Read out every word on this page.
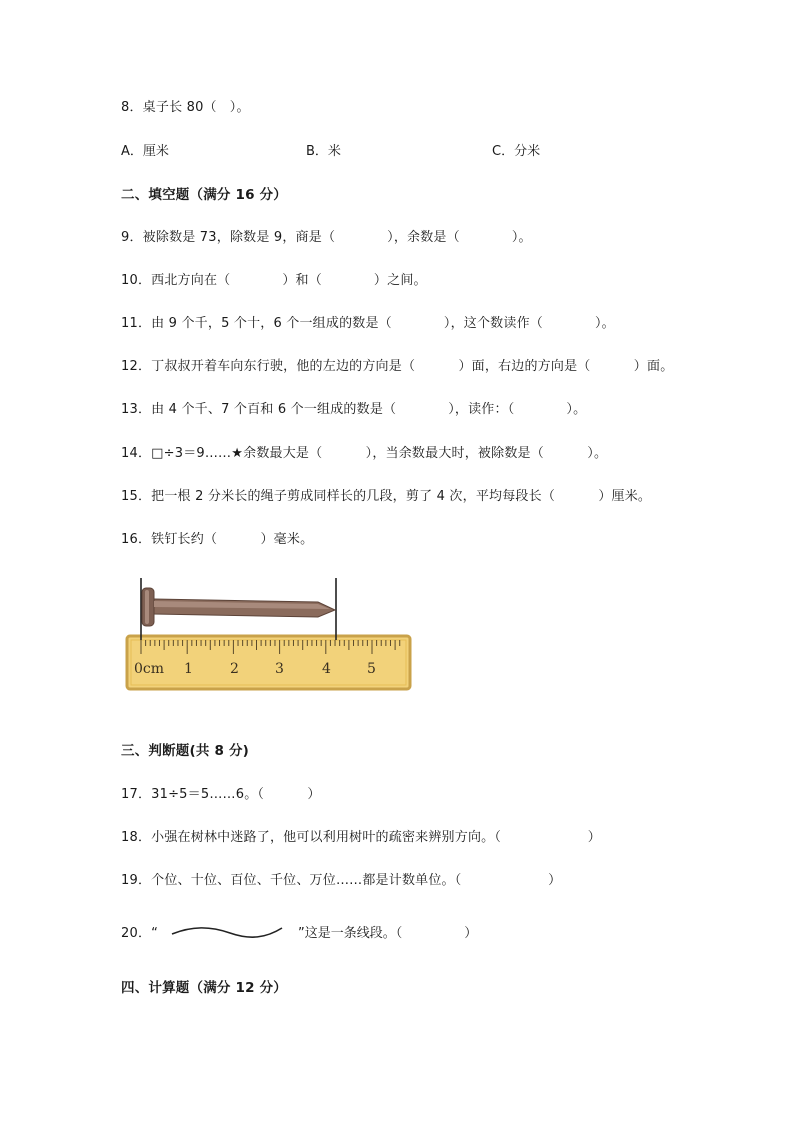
8．桌子长 80（   ）。
A．厘米	B．米	C．分米
二、填空题（满分 16 分）
9．被除数是 73，除数是 9，商是（            ），余数是（            ）。
10．西北方向在（            ）和（            ）之间。
11．由 9 个千，5 个十，6 个一组成的数是（            ），这个数读作（            ）。
12．丁叔叔开着车向东行驶，他的左边的方向是（          ）面，右边的方向是（          ）面。
13．由 4 个千、7 个百和 6 个一组成的数是（            ），读作：（            ）。
14．□÷3＝9……★余数最大是（          ），当余数最大时，被除数是（          ）。
15．把一根 2 分米长的绳子剪成同样长的几段，剪了 4 次，平均每段长（          ）厘米。
16．铁钉长约（          ）毫米。
0cm 1	2	3	4	5
三、判断题(共 8 分)
17．31÷5＝5……6。（          ）
18．小强在树林中迷路了，他可以利用树叶的疏密来辨别方向。（                    ）
19．个位、十位、百位、千位、万位……都是计数单位。（                    ）
20．“	”这是一条线段。（               ）
四、计算题（满分 12 分）
